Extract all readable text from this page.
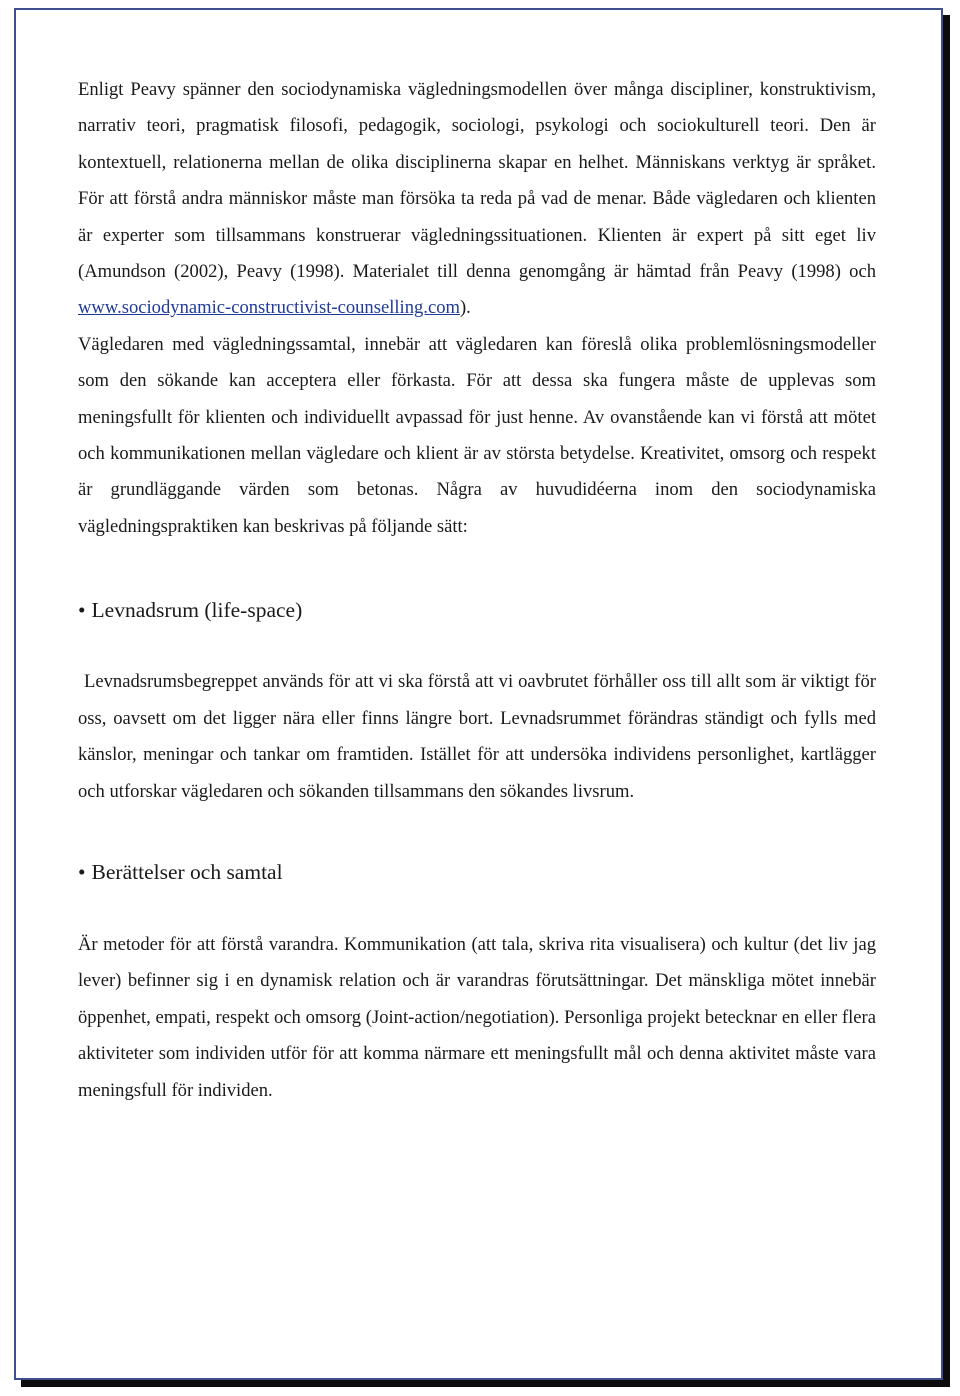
Enligt Peavy spänner den sociodynamiska vägledningsmodellen över många discipliner, konstruktivism, narrativ teori, pragmatisk filosofi, pedagogik, sociologi, psykologi och sociokulturell teori. Den är kontextuell, relationerna mellan de olika disciplinerna skapar en helhet. Människans verktyg är språket. För att förstå andra människor måste man försöka ta reda på vad de menar. Både vägledaren och klienten är experter som tillsammans konstruerar vägledningssituationen. Klienten är expert på sitt eget liv (Amundson (2002), Peavy (1998). Materialet till denna genomgång är hämtad från Peavy (1998) och www.sociodynamic-constructivist-counselling.com).

Vägledaren med vägledningssamtal, innebär att vägledaren kan föreslå olika problemlösningsmodeller som den sökande kan acceptera eller förkasta. För att dessa ska fungera måste de upplevas som meningsfullt för klienten och individuellt avpassad för just henne. Av ovanstående kan vi förstå att mötet och kommunikationen mellan vägledare och klient är av största betydelse. Kreativitet, omsorg och respekt är grundläggande värden som betonas. Några av huvudidéerna inom den sociodynamiska vägledningspraktiken kan beskrivas på följande sätt:

• Levnadsrum (life-space)

Levnadsrumsbegreppet används för att vi ska förstå att vi oavbrutet förhåller oss till allt som är viktigt för oss, oavsett om det ligger nära eller finns längre bort. Levnadsrummet förändras ständigt och fylls med känslor, meningar och tankar om framtiden. Istället för att undersöka individens personlighet, kartlägger och utforskar vägledaren och sökanden tillsammans den sökandes livsrum.

• Berättelser och samtal

Är metoder för att förstå varandra. Kommunikation (att tala, skriva rita visualisera) och kultur (det liv jag lever) befinner sig i en dynamisk relation och är varandras förutsättningar. Det mänskliga mötet innebär öppenhet, empati, respekt och omsorg (Joint-action/negotiation). Personliga projekt betecknar en eller flera aktiviteter som individen utför för att komma närmare ett meningsfullt mål och denna aktivitet måste vara meningsfull för individen.
